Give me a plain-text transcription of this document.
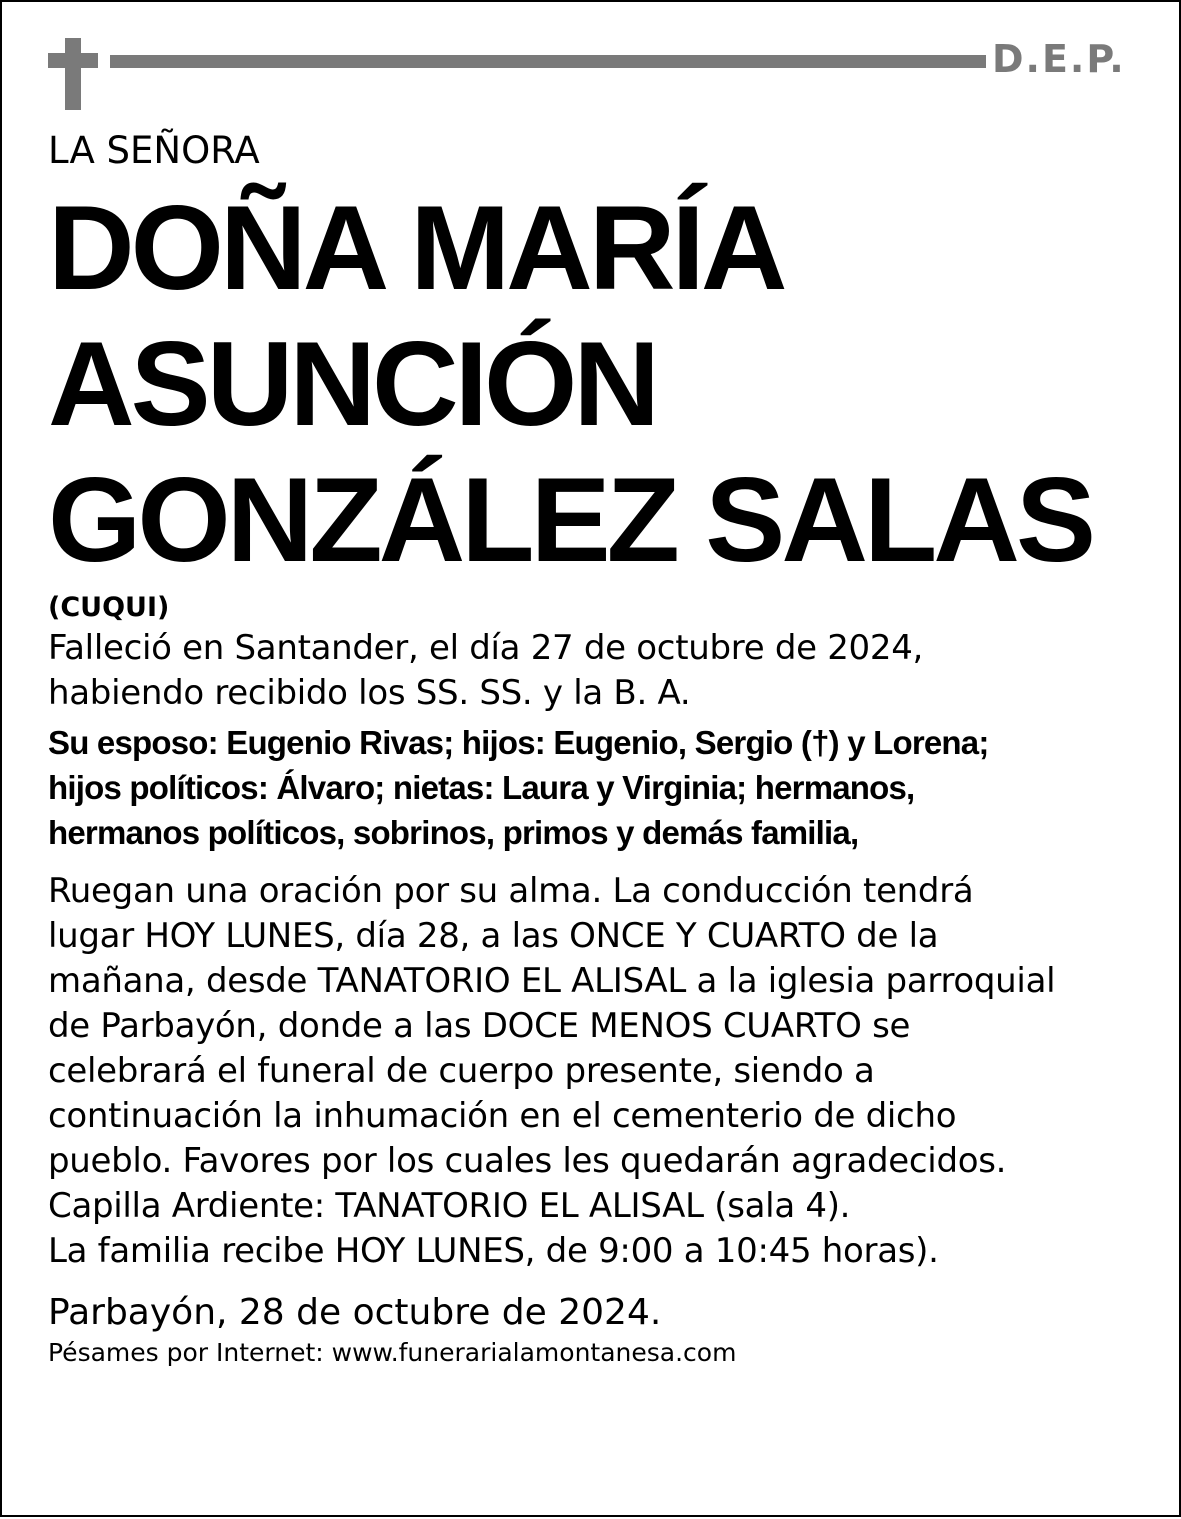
D.E.P.

LA SEÑORA

DOÑA MARÍA
ASUNCIÓN
GONZÁLEZ SALAS

(CUQUI)

Falleció en Santander, el día 27 de octubre de 2024,

habiendo recibido los SS. SS. y la B. A.

Su esposo: Eugenio Rivas; hijos: Eugenio, Sergio (†) y Lorena;

hijos políticos: Álvaro; nietas: Laura y Virginia; hermanos,

hermanos políticos, sobrinos, primos y demás familia,

Ruegan una oración por su alma. La conducción tendrá

lugar HOY LUNES, día 28, a las ONCE Y CUARTO de la

mañana, desde TANATORIO EL ALISAL a la iglesia parroquial

de Parbayón, donde a las DOCE MENOS CUARTO se

celebrará el funeral de cuerpo presente, siendo a

continuación la inhumación en el cementerio de dicho

pueblo. Favores por los cuales les quedarán agradecidos.

Capilla Ardiente: TANATORIO EL ALISAL (sala 4).

La familia recibe HOY LUNES, de 9:00 a 10:45 horas).

Parbayón, 28 de octubre de 2024.

Pésames por Internet: www.funerarialamontanesa.com
